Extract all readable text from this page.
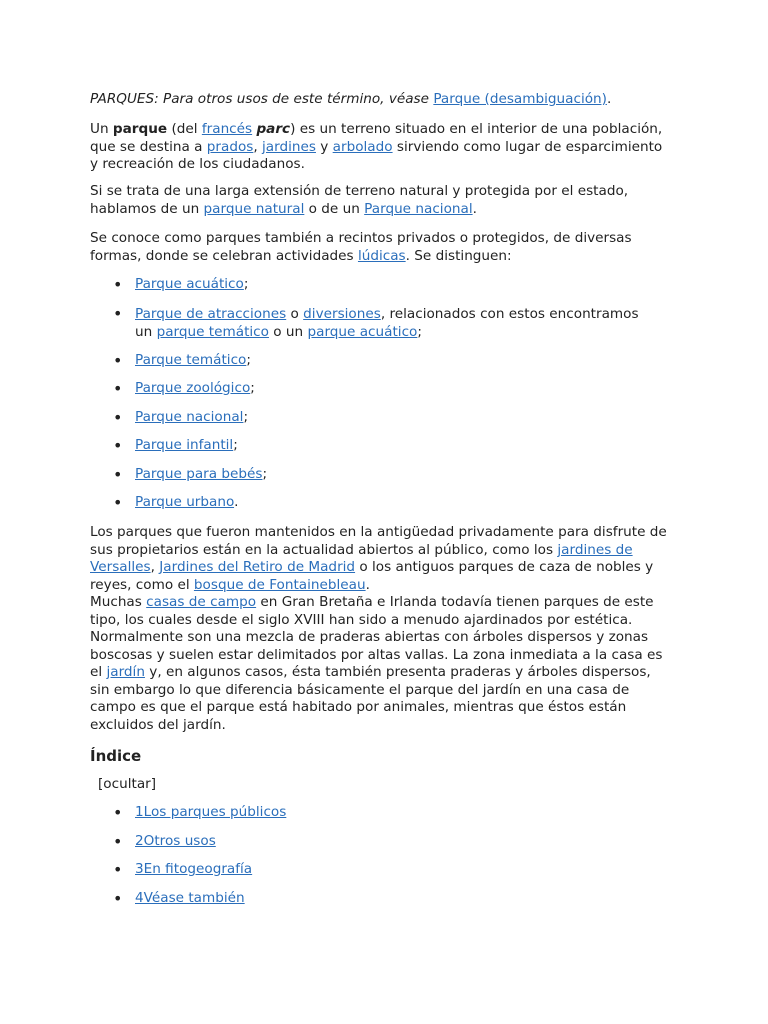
PARQUES: Para otros usos de este término, véase Parque (desambiguación).

Un parque (del francés parc) es un terreno situado en el interior de una población,
que se destina a prados, jardines y arbolado sirviendo como lugar de esparcimiento
y recreación de los ciudadanos.

Si se trata de una larga extensión de terreno natural y protegida por el estado,
hablamos de un parque natural o de un Parque nacional.

Se conoce como parques también a recintos privados o protegidos, de diversas
formas, donde se celebran actividades lúdicas. Se distinguen:

• Parque acuático;
• Parque de atracciones o diversiones, relacionados con estos encontramos
un parque temático o un parque acuático;
• Parque temático;
• Parque zoológico;
• Parque nacional;
• Parque infantil;
• Parque para bebés;
• Parque urbano.

Los parques que fueron mantenidos en la antigüedad privadamente para disfrute de
sus propietarios están en la actualidad abiertos al público, como los jardines de
Versalles, Jardines del Retiro de Madrid o los antiguos parques de caza de nobles y
reyes, como el bosque de Fontainebleau.
Muchas casas de campo en Gran Bretaña e Irlanda todavía tienen parques de este
tipo, los cuales desde el siglo XVIII han sido a menudo ajardinados por estética.
Normalmente son una mezcla de praderas abiertas con árboles dispersos y zonas
boscosas y suelen estar delimitados por altas vallas. La zona inmediata a la casa es
el jardín y, en algunos casos, ésta también presenta praderas y árboles dispersos,
sin embargo lo que diferencia básicamente el parque del jardín en una casa de
campo es que el parque está habitado por animales, mientras que éstos están
excluidos del jardín.

Índice
[ocultar]
• 1Los parques públicos
• 2Otros usos
• 3En fitogeografía
• 4Véase también
